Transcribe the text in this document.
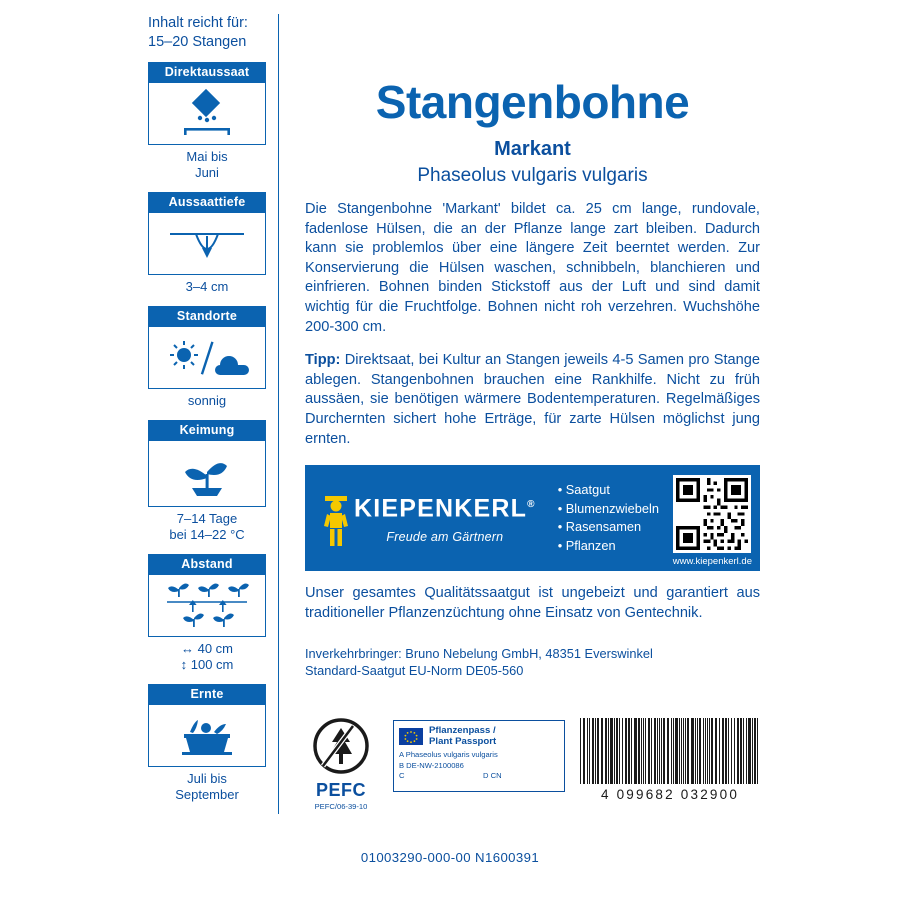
Inhalt reicht für:
15–20 Stangen
Direktaussaat
Mai bis
Juni
Aussaattiefe
3–4 cm
Standorte
sonnig
Keimung
7–14 Tage
bei 14–22 °C
Abstand
↔ 40 cm
↕ 100 cm
Ernte
Juli bis
September
Stangenbohne
Markant
Phaseolus vulgaris vulgaris

Die Stangenbohne 'Markant' bildet ca. 25 cm lange, rundovale, fadenlose Hülsen, die an der Pflanze lange zart bleiben. Dadurch kann sie problemlos über eine längere Zeit beerntet werden. Zur Konservierung die Hülsen waschen, schnibbeln, blanchieren und einfrieren. Bohnen binden Stickstoff aus der Luft und sind damit wichtig für die Fruchtfolge. Bohnen nicht roh verzehren. Wuchshöhe 200-300 cm.

Tipp: Direktsaat, bei Kultur an Stangen jeweils 4-5 Samen pro Stange ablegen. Stangenbohnen brauchen eine Rankhilfe. Nicht zu früh aussäen, sie benötigen wärmere Bodentemperaturen. Regelmäßiges Durchernten sichert hohe Erträge, für zarte Hülsen möglichst jung ernten.

KIEPENKERL®
Freude am Gärtnern
• Saatgut
• Blumenzwiebeln
• Rasensamen
• Pflanzen
www.kiepenkerl.de

Unser gesamtes Qualitätssaatgut ist ungebeizt und garantiert aus traditioneller Pflanzenzüchtung ohne Einsatz von Gentechnik.

Inverkehrbringer: Bruno Nebelung GmbH, 48351 Everswinkel
Standard-Saatgut EU-Norm DE05-560
PEFC
PEFC/06-39-10
Pflanzenpass /
Plant Passport
A Phaseolus vulgaris vulgaris
B DE-NW-2100086
C	D CN
4 099682 032900
01003290-000-00 N1600391
